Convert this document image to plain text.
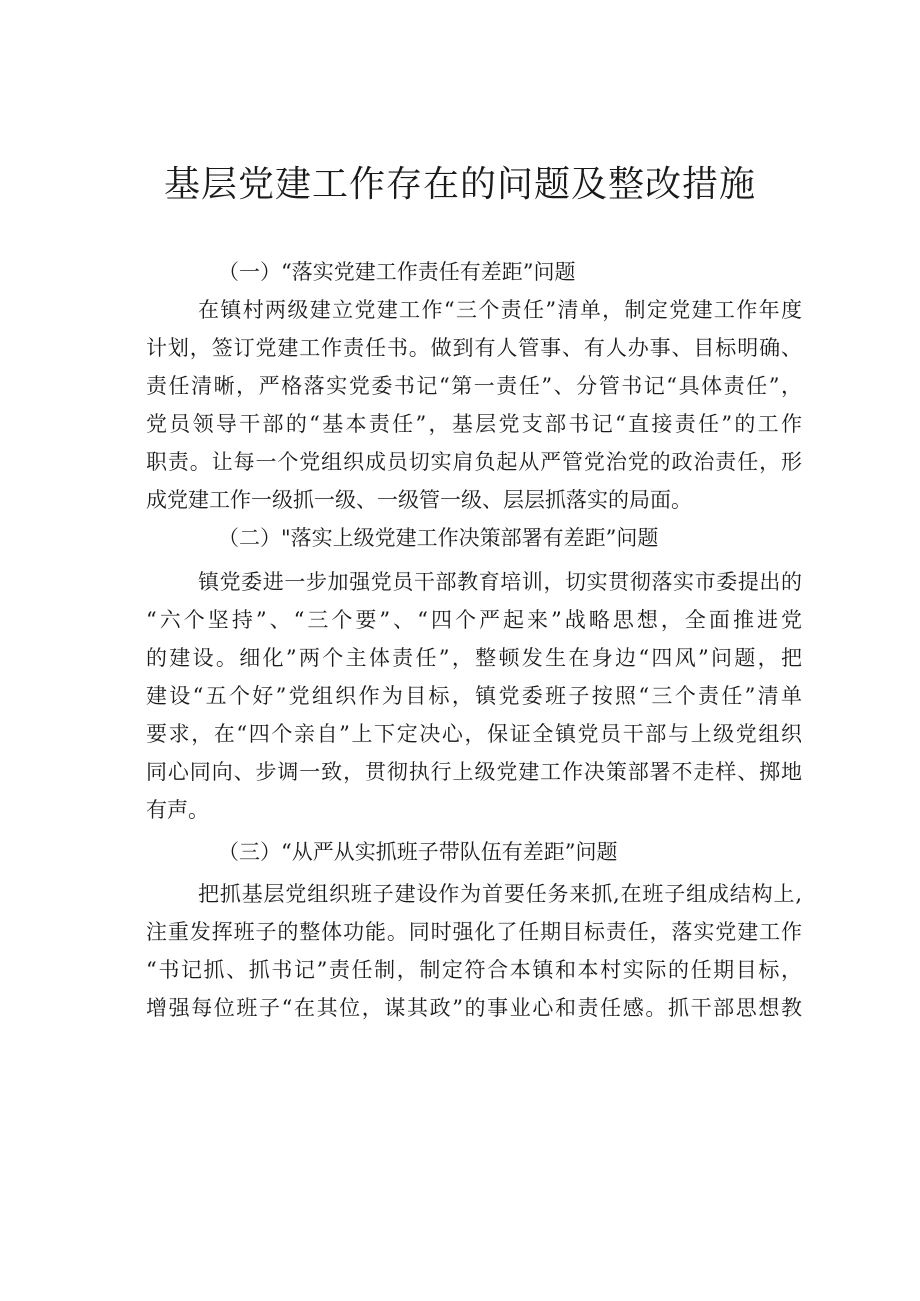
基层党建工作存在的问题及整改措施

（一）“落实党建工作责任有差距”问题

在镇村两级建立党建工作“三个责任”清单，制定党建工作年度
计划，签订党建工作责任书。做到有人管事、有人办事、目标明确、
责任清晰，严格落实党委书记“第一责任”、分管书记“具体责任”，
党员领导干部的“基本责任”，基层党支部书记“直接责任”的工作
职责。让每一个党组织成员切实肩负起从严管党治党的政治责任，形
成党建工作一级抓一级、一级管一级、层层抓落实的局面。

（二）"落实上级党建工作决策部署有差距”问题

镇党委进一步加强党员干部教育培训，切实贯彻落实市委提出的
“六个坚持”、“三个要”、“四个严起来”战略思想，全面推进党
的建设。细化”两个主体责任”，整顿发生在身边“四风”问题，把
建设“五个好”党组织作为目标，镇党委班子按照“三个责任”清单
要求，在“四个亲自”上下定决心，保证全镇党员干部与上级党组织
同心同向、步调一致，贯彻执行上级党建工作决策部署不走样、掷地
有声。

（三）“从严从实抓班子带队伍有差距”问题

把抓基层党组织班子建设作为首要任务来抓,在班子组成结构上,
注重发挥班子的整体功能。同时强化了任期目标责任，落实党建工作
“书记抓、抓书记”责任制，制定符合本镇和本村实际的任期目标，
增强每位班子“在其位，谋其政”的事业心和责任感。抓干部思想教
